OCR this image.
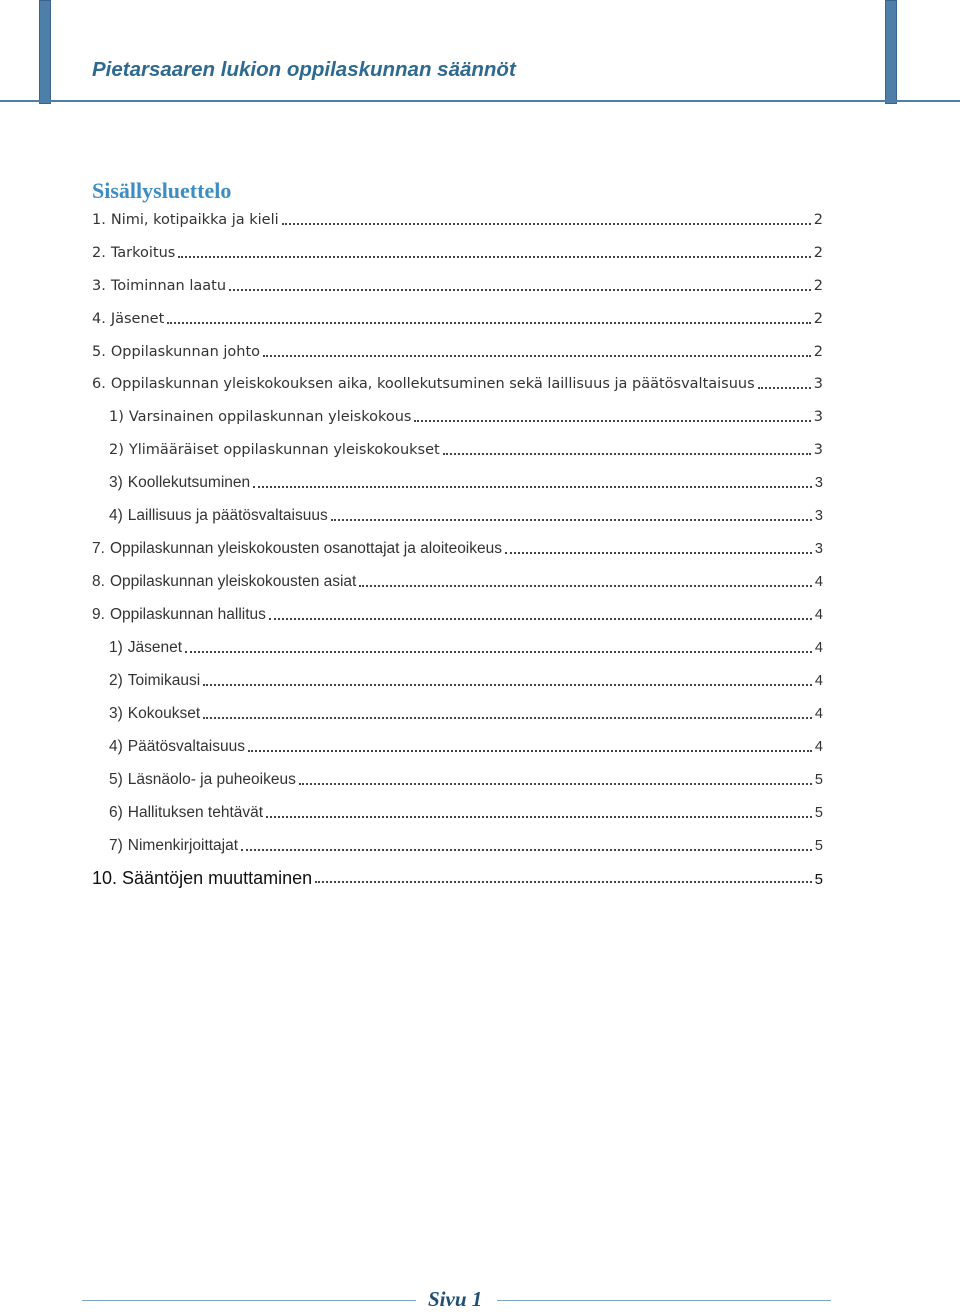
Pietarsaaren lukion oppilaskunnan säännöt
Sisällysluettelo
1. Nimi, kotipaikka ja kieli	2
2. Tarkoitus	2
3. Toiminnan laatu	2
4. Jäsenet	2
5. Oppilaskunnan johto	2
6. Oppilaskunnan yleiskokouksen aika, koollekutsuminen sekä laillisuus ja päätösvaltaisuus	3
1) Varsinainen oppilaskunnan yleiskokous	3
2) Ylimääräiset oppilaskunnan yleiskokoukset	3
3) Koollekutsuminen	3
4) Laillisuus ja päätösvaltaisuus	3
7. Oppilaskunnan yleiskokousten osanottajat ja aloiteoikeus	3
8. Oppilaskunnan yleiskokousten asiat	4
9. Oppilaskunnan hallitus	4
1) Jäsenet	4
2) Toimikausi	4
3) Kokoukset	4
4) Päätösvaltaisuus	4
5) Läsnäolo- ja puheoikeus	5
6) Hallituksen tehtävät	5
7) Nimenkirjoittajat	5
10. Sääntöjen muuttaminen	5
Sivu 1
